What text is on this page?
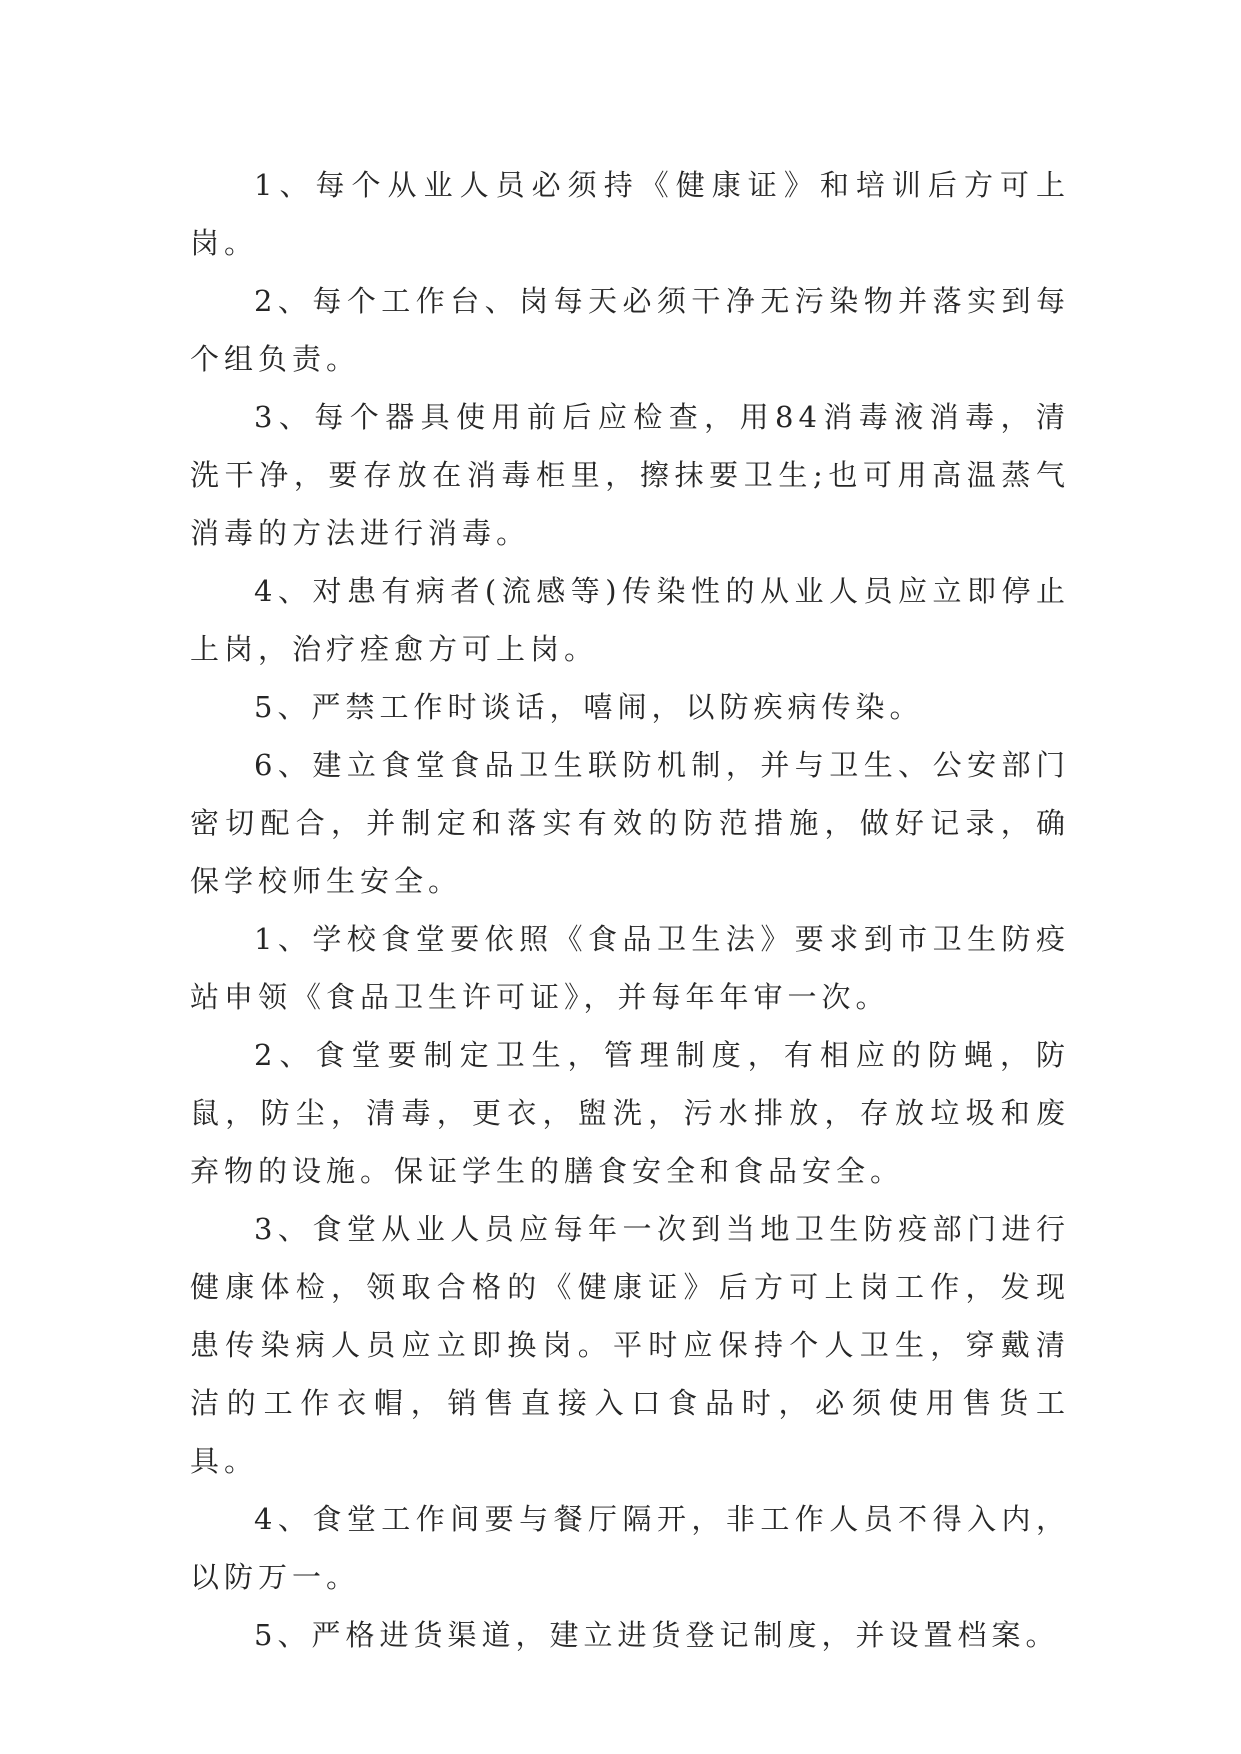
1、每个从业人员必须持《健康证》和培训后方可上岗。

2、每个工作台、岗每天必须干净无污染物并落实到每个组负责。

3、每个器具使用前后应检查，用84消毒液消毒，清洗干净，要存放在消毒柜里，擦抹要卫生;也可用高温蒸气消毒的方法进行消毒。

4、对患有病者(流感等)传染性的从业人员应立即停止上岗，治疗痊愈方可上岗。

5、严禁工作时谈话，嘻闹，以防疾病传染。

6、建立食堂食品卫生联防机制，并与卫生、公安部门密切配合，并制定和落实有效的防范措施，做好记录，确保学校师生安全。

1、学校食堂要依照《食品卫生法》要求到市卫生防疫站申领《食品卫生许可证》，并每年年审一次。

2、食堂要制定卫生，管理制度，有相应的防蝇，防鼠，防尘，清毒，更衣，盥洗，污水排放，存放垃圾和废弃物的设施。保证学生的膳食安全和食品安全。

3、食堂从业人员应每年一次到当地卫生防疫部门进行健康体检，领取合格的《健康证》后方可上岗工作，发现患传染病人员应立即换岗。平时应保持个人卫生，穿戴清洁的工作衣帽，销售直接入口食品时，必须使用售货工具。

4、食堂工作间要与餐厅隔开，非工作人员不得入内，以防万一。

5、严格进货渠道，建立进货登记制度，并设置档案。
